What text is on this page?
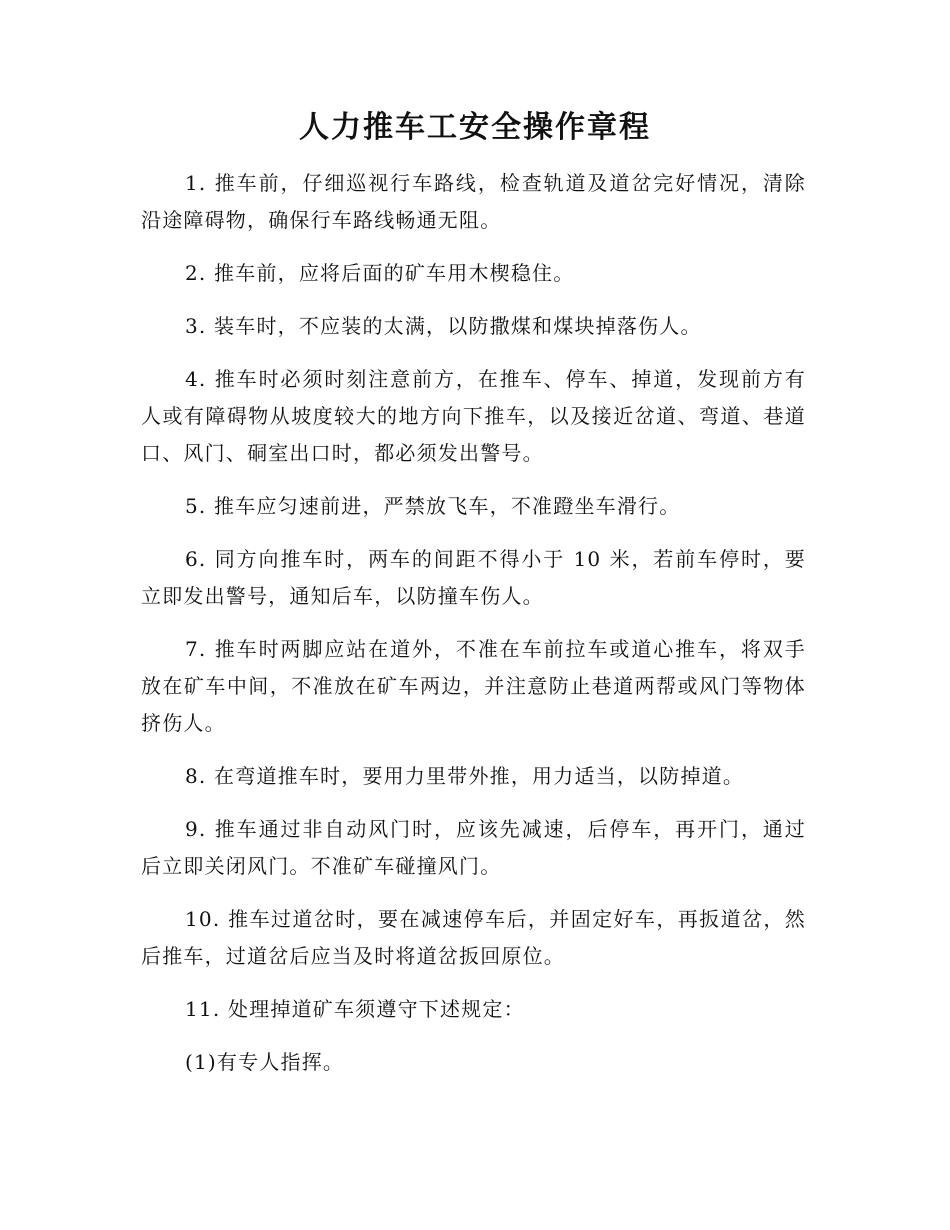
人力推车工安全操作章程

1. 推车前，仔细巡视行车路线，检查轨道及道岔完好情况，清除沿途障碍物，确保行车路线畅通无阻。

2. 推车前，应将后面的矿车用木楔稳住。

3. 装车时，不应装的太满，以防撒煤和煤块掉落伤人。

4. 推车时必须时刻注意前方，在推车、停车、掉道，发现前方有人或有障碍物从坡度较大的地方向下推车，以及接近岔道、弯道、巷道口、风门、硐室出口时，都必须发出警号。

5. 推车应匀速前进，严禁放飞车，不准蹬坐车滑行。

6. 同方向推车时，两车的间距不得小于 10 米，若前车停时，要立即发出警号，通知后车，以防撞车伤人。

7. 推车时两脚应站在道外，不准在车前拉车或道心推车，将双手放在矿车中间，不准放在矿车两边，并注意防止巷道两帮或风门等物体挤伤人。

8. 在弯道推车时，要用力里带外推，用力适当，以防掉道。

9. 推车通过非自动风门时，应该先减速，后停车，再开门，通过后立即关闭风门。不准矿车碰撞风门。

10. 推车过道岔时，要在减速停车后，并固定好车，再扳道岔，然后推车，过道岔后应当及时将道岔扳回原位。

11. 处理掉道矿车须遵守下述规定：

(1)有专人指挥。
